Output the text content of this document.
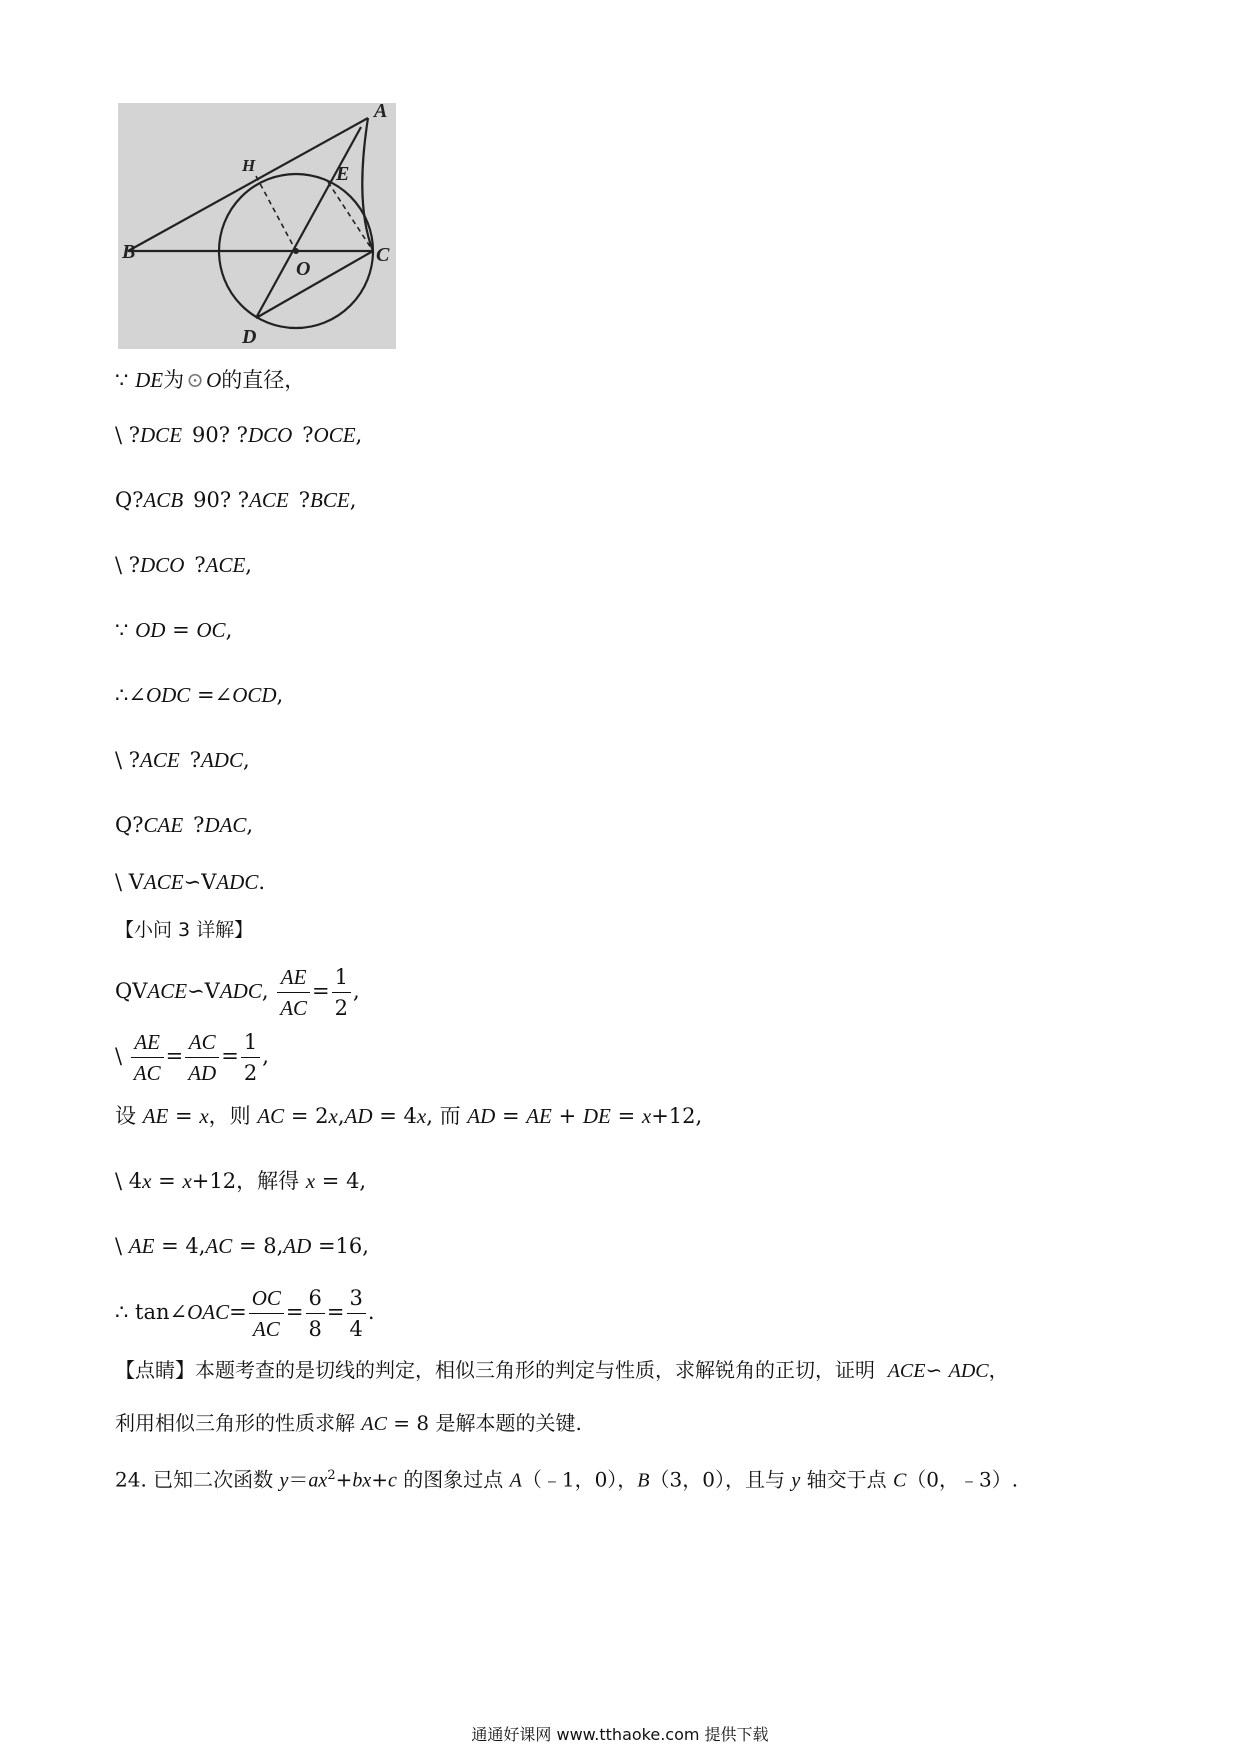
A
B	C
D
E
H
O
∵ DE为 ⊙ O的直径，
\ ?DCE 90? ?DCO ?OCE,
Q?ACB 90? ?ACE ?BCE,
\ ?DCO ?ACE,
∵ OD = OC,
∴∠ODC =∠OCD,
\ ?ACE ?ADC,
Q?CAE ?DAC,
\ VACE∽VADC.
【小问 3 详解】
QVACE∽VADC, $\frac{AE}{AC} = \frac{1}{2}$ ,
\ $\frac{AE}{AC} = \frac{AC}{AD} = \frac{1}{2}$ ,
设 AE = x，则 AC = 2x,AD = 4x, 而 AD = AE + DE = x+12,
\ 4x = x+12，解得 x = 4,
\ AE = 4,AC = 8,AD =16,
∴ tan∠OAC= $\frac{OC}{AC} = \frac{6}{8} = \frac{3}{4}$ .
【点睛】本题考查的是切线的判定，相似三角形的判定与性质，求解锐角的正切，证明 ACE∽ ADC，
利用相似三角形的性质求解 AC = 8 是解本题的关键.
24. 已知二次函数 $y=ax^2+bx+c$ 的图象过点 A（﹣1，0），B（3，0），且与 y 轴交于点 C（0，﹣3）.
通通好课网 www.tthaoke.com 提供下载
